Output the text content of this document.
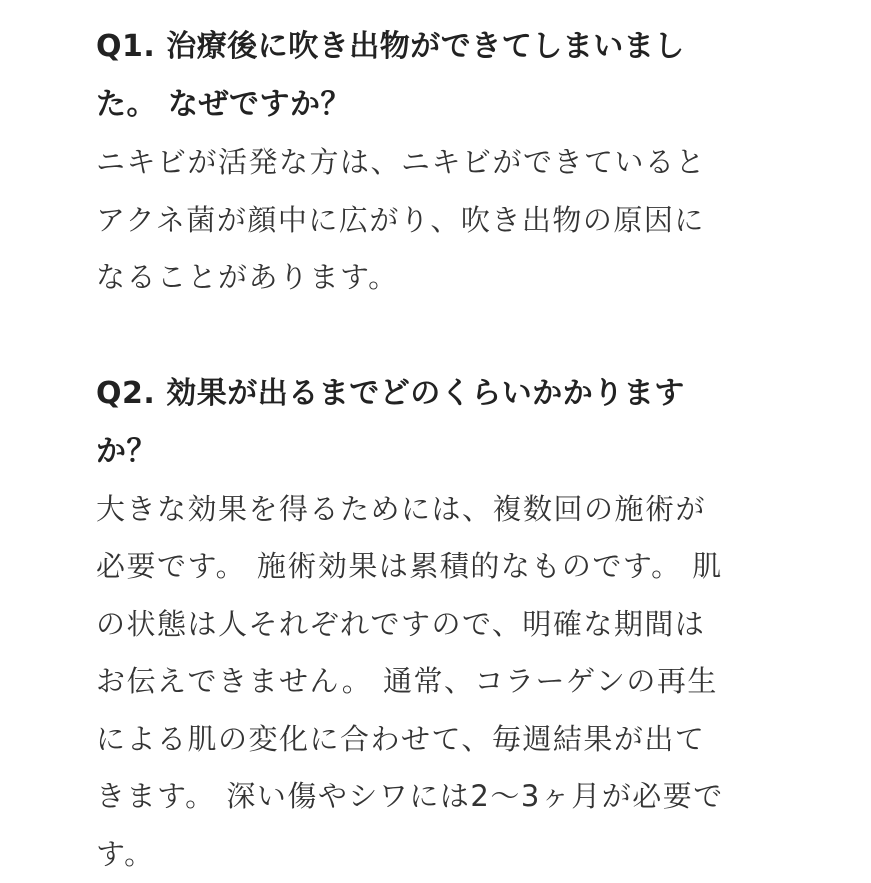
Q1. 治療後に吹き出物ができてしまいまし
た。 なぜですか？

ニキビが活発な方は、ニキビができていると
アクネ菌が顔中に広がり、吹き出物の原因に
なることがあります。

Q2. 効果が出るまでどのくらいかかります
か？

大きな効果を得るためには、複数回の施術が
必要です。 施術効果は累積的なものです。 肌
の状態は人それぞれですので、明確な期間は
お伝えできません。 通常、コラーゲンの再生
による肌の変化に合わせて、毎週結果が出て
きます。 深い傷やシワには2〜3ヶ月が必要で
す。
